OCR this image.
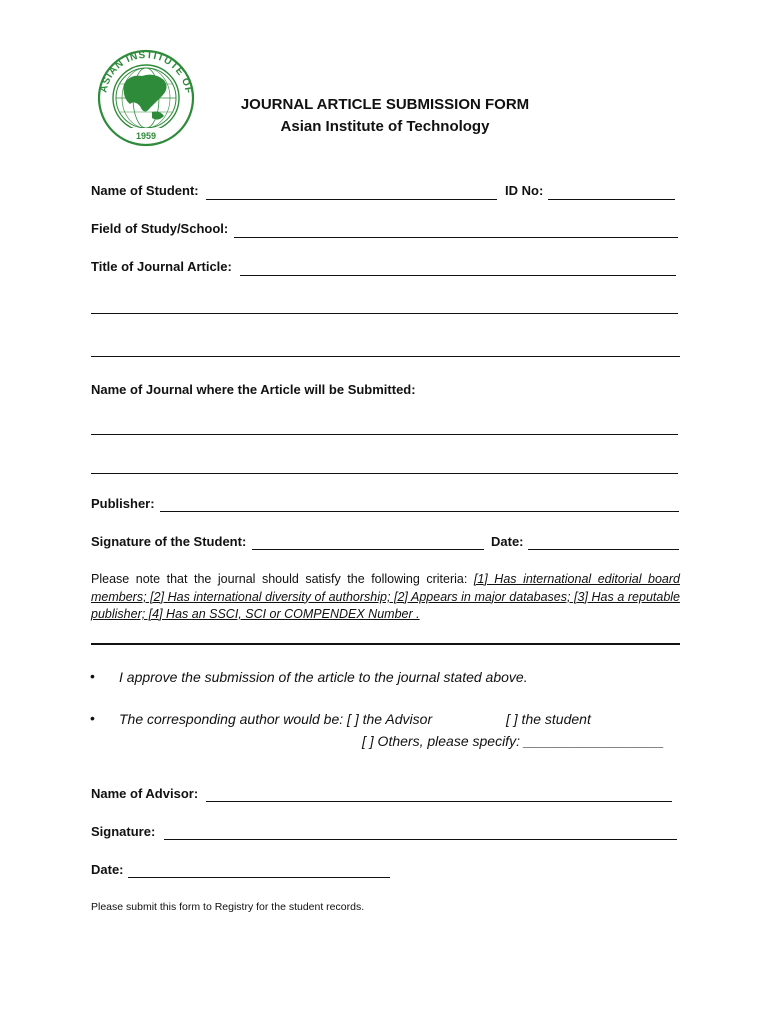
ASIAN INSTITUTE OF
1959
JOURNAL ARTICLE SUBMISSION FORM
Asian Institute of Technology
Name of Student:	ID No:
Field of Study/School:
Title of Journal Article:
Name of Journal where the Article will be Submitted:
Publisher:
Signature of the Student:	Date:
Please note that the journal should satisfy the following criteria: [1] Has international editorial board members; [2] Has international diversity of authorship; [2] Appears in major databases; [3] Has a reputable publisher; [4] Has an SSCI, SCI or COMPENDEX Number .
• I approve the submission of the article to the journal stated above.
• The corresponding author would be: [ ] the Advisor	[ ] the student
[ ] Others, please specify: __________________
Name of Advisor:
Signature:
Date:
Please submit this form to Registry for the student records.
